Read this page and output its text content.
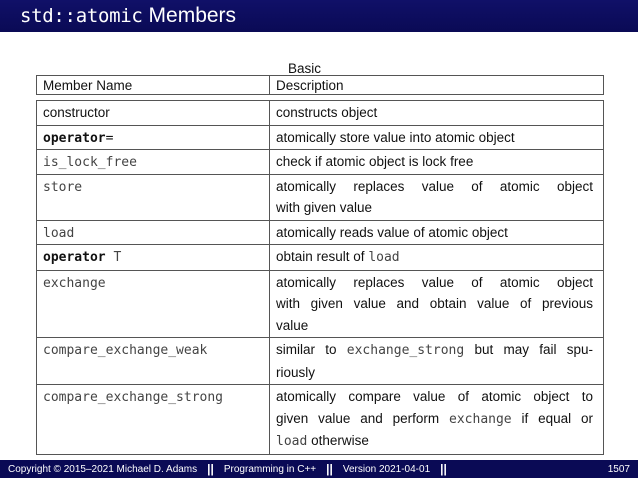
std::atomic Members
Basic
Member Name	Description
constructor	constructs object
operator=	atomically store value into atomic object
is_lock_free	check if atomic object is lock free
store	atomically replaces value of atomic object
with given value
load	atomically reads value of atomic object
operator T	obtain result of load
exchange	atomically replaces value of atomic object
with given value and obtain value of previous
value
compare_exchange_weak	similar to exchange_strong but may fail spu-
riously
compare_exchange_strong	atomically compare value of atomic object to
given value and perform exchange if equal or
load otherwise
Copyright © 2015–2021 Michael D. Adams || Programming in C++ || Version 2021-04-01 ||	1507
